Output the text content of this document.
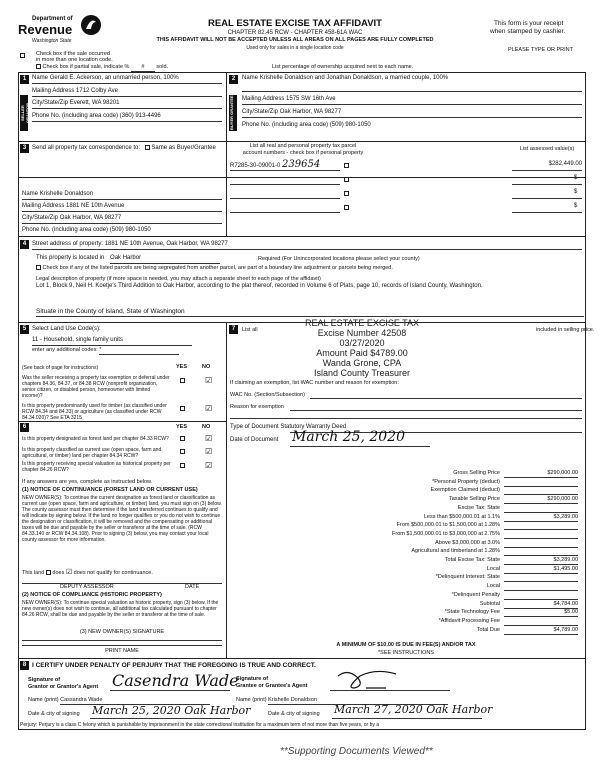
Department of
Revenue
Washington State
REAL ESTATE EXCISE TAX AFFIDAVIT
CHAPTER 82.45 RCW - CHAPTER 458-61A WAC
THIS AFFIDAVIT WILL NOT BE ACCEPTED UNLESS ALL AREAS ON ALL PAGES ARE FULLY COMPLETED
Used only for sales in a single location code
This form is your receipt
when stamped by cashier.
PLEASE TYPE OR PRINT
Check box if the sale occurred
in more than one location code.
Check box if partial sale, indicate % # sold.	List percentage of ownership acquired next to each name.
1
SELLER GRANTOR
Name Gerald E. Ackerson, an unmarried person, 100%
Mailing Address 1712 Colby Ave
City/State/Zip Everett, WA 98201
Phone No. (including area code) (360) 913-4496
2
BUYER GRANTEE
Name Krishelle Donaldson and Jonathan Donaldson, a married couple, 100%
Mailing Address 1575 SW 16th Ave
City/State/Zip Oak Harbor, WA 98277
Phone No. (including area code) (509) 980-1050
3 Send all property tax correspondence to: Same as Buyer/Grantee	List all real and personal property tax parcel
account numbers - check box if personal property
List assessed value(s)
Name Krishelle Donaldson
Mailing Address 1881 NE 10th Avenue
City/State/Zip Oak Harbor, WA 98277
Phone No. (including area code) (509) 980-1050
R7285-30-09001-0 239654	$282,449.00
$
$
$
4 Street address of property: 1881 NE 10th Avenue, Oak Harbor, WA 98277
This property is located in Oak Harbor	Required (For Unincorporated locations please select your county)
Check box if any of the listed parcels are being segregated from another parcel, are part of a boundary line adjustment or parcels being merged.
Legal description of property (if more space is needed, you may attach a separate sheet to each page of the affidavit)
Lot 1, Block 9, Neil H. Koetje's Third Addition to Oak Harbor, according to the plat thereof, recorded in Volume 6 of Plats, page 10, records of Island County, Washington.
Situate in the County of Island, State of Washington
5 Select Land Use Code(s):
11 - Household, single family units
enter any additional codes: *
(See back of page for instructions)	YES	NO
Was the seller receiving a property tax exemption or deferral under chapters 84.36, 84.37, or 84.38 RCW (nonprofit organization, senior citizen, or disabled person, homeowner with limited income)?
☑
Is this property predominantly used for timber (as classified under RCW 84.34 and 84.33) or agriculture (as classified under RCW 84.34.020)? See ETA 3215
☑
6	YES	NO
Is this property designated as forest land per chapter 84.33 RCW?	☑
Is this property classified as current use (open space, farm and agricultural, or timber) land per chapter 84.34 RCW?	☑
Is this property receiving special valuation as historical property per chapter 84.26 RCW?	☑
If any answers are yes, complete as instructed below.
(1) NOTICE OF CONTINUANCE (FOREST LAND OR CURRENT USE)
NEW OWNER(S): To continue the current designation as forest land or classification as current use (open space, farm and agriculture, or timber) land, you must sign on (3) below. The county assessor must then determine if the land transferred continues to qualify and will indicate by signing below. If the land no longer qualifies or you do not wish to continue the designation or classification, it will be removed and the compensating or additional taxes will be due and payable by the seller or transferor at the time of sale. (RCW 84.33.140 or RCW 84.34.108). Prior to signing (3) below, you may contact your local county assessor for more information.
This land does ☑ does not qualify for continuance.
DEPUTY ASSESSOR	DATE
(2) NOTICE OF COMPLIANCE (HISTORIC PROPERTY)
NEW OWNER(S): To continue special valuation as historic property, sign (3) below. If the new owner(s) does not wish to continue, all additional tax calculated pursuant to chapter 84.26 RCW, shall be due and payable by the seller or transferor at the time of sale.
(3) NEW OWNER(S) SIGNATURE
PRINT NAME
7	List all	included in selling price.
REAL ESTATE EXCISE TAX
Excise Number 42508
03/27/2020
Amount Paid $4789.00
Wanda Grone, CPA
Island County Treasurer
If claiming an exemption, list WAC number and reason for exemption:
WAC No. (Section/Subsection)
Reason for exemption
Type of Document Statutory Warranty Deed
Date of Document March 25, 2020
Gross Selling Price	$290,000.00
*Personal Property (deduct)
Exemption Claimed (deduct)
Taxable Selling Price	$290,000.00
Excise Tax: State
Less than $500,000.01 at 1.1%	$3,289.00
From $500,000.01 to $1,500,000 at 1.28%
From $1,500,000.01 to $3,000,000 at 2.75%
Above $3,000,000 at 3.0%
Agricultural and timberland at 1.28%
Total Excise Tax: State	$3,289.00
Local	$1,495.00
*Delinquent Interest: State
Local
*Delinquent Penalty
Subtotal	$4,784.00
*State Technology Fee	$5.00
*Affidavit Processing Fee
Total Due	$4,789.00
A MINIMUM OF $10.00 IS DUE IN FEE(S) AND/OR TAX
*SEE INSTRUCTIONS
8 I CERTIFY UNDER PENALTY OF PERJURY THAT THE FOREGOING IS TRUE AND CORRECT.
Signature of
Grantor or Grantor's Agent Casendra Wade
Signature of
Grantee or Grantee's Agent
Name (print) Cassandra Wade	Name (print) Krishelle Donaldson
Date & city of signing March 25, 2020 Oak Harbor	Date & city of signing March 27, 2020 Oak Harbor
Perjury: Perjury is a class C felony which is punishable by imprisonment in the state correctional institution for a maximum term of not more than five years, or by a
**Supporting Documents Viewed**
